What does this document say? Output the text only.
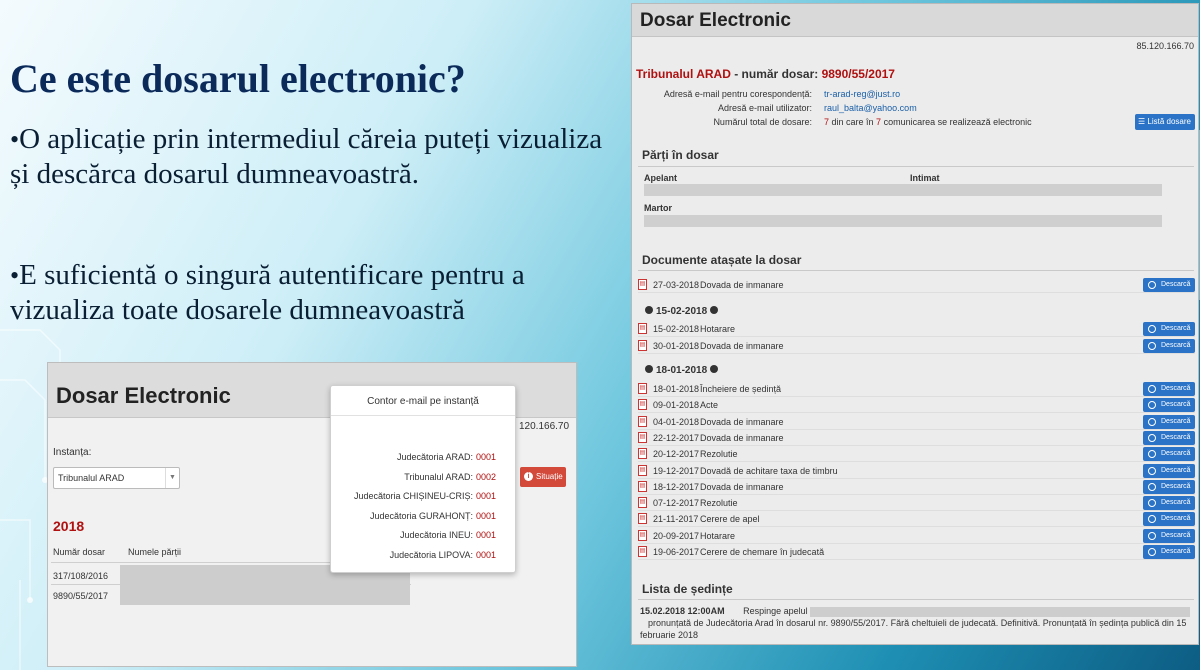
Ce este dosarul electronic?
•O aplicație prin intermediul căreia puteți vizualiza și descărca dosarul dumneavoastră.
•E suficientă o singură autentificare pentru a vizualiza toate dosarele dumneavoastră
Dosar Electronic
85.120.166.70
Tribunalul ARAD - număr dosar: 9890/55/2017
Adresă e-mail pentru corespondență: tr-arad-reg@just.ro
Adresă e-mail utilizator: raul_balta@yahoo.com
Numărul total de dosare: 7 din care în 7 comunicarea se realizează electronic	☰ Listă dosare
Părți în dosar
Apelant	Intimat
Martor
Documente atașate la dosar
▤ 27-03-2018 Dovada de inmanare	Descarcă
15-02-2018
▤ 15-02-2018 Hotarare	Descarcă
▤ 30-01-2018 Dovada de inmanare	Descarcă
18-01-2018
▤ 18-01-2018 Încheiere de ședință	Descarcă
▤ 09-01-2018 Acte	Descarcă
▤ 04-01-2018 Dovada de inmanare	Descarcă
▤ 22-12-2017 Dovada de inmanare	Descarcă
▤ 20-12-2017 Rezolutie	Descarcă
▤ 19-12-2017 Dovadă de achitare taxa de timbru	Descarcă
▤ 18-12-2017 Dovada de inmanare	Descarcă
▤ 07-12-2017 Rezolutie	Descarcă
▤ 21-11-2017 Cerere de apel	Descarcă
▤ 20-09-2017 Hotarare	Descarcă
▤ 19-06-2017 Cerere de chemare în judecată	Descarcă
Lista de ședințe
15.02.2018 12:00AM Respinge apelul
pronunțată de Judecătoria Arad în dosarul nr. 9890/55/2017. Fără cheltuieli de judecată. Definitivă. Pronunțată în ședința publică din 15 februarie 2018
Dosar Electronic
120.166.70
Instanța:
Tribunalul ARAD	▼	i Situație
2018
Număr dosar	Numele părții
317/108/2016
9890/55/2017
Contor e-mail pe instanță
Judecătoria ARAD: 0001
Tribunalul ARAD: 0002
Judecătoria CHIȘINEU-CRIȘ: 0001
Judecătoria GURAHONȚ: 0001
Judecătoria INEU: 0001
Judecătoria LIPOVA: 0001
